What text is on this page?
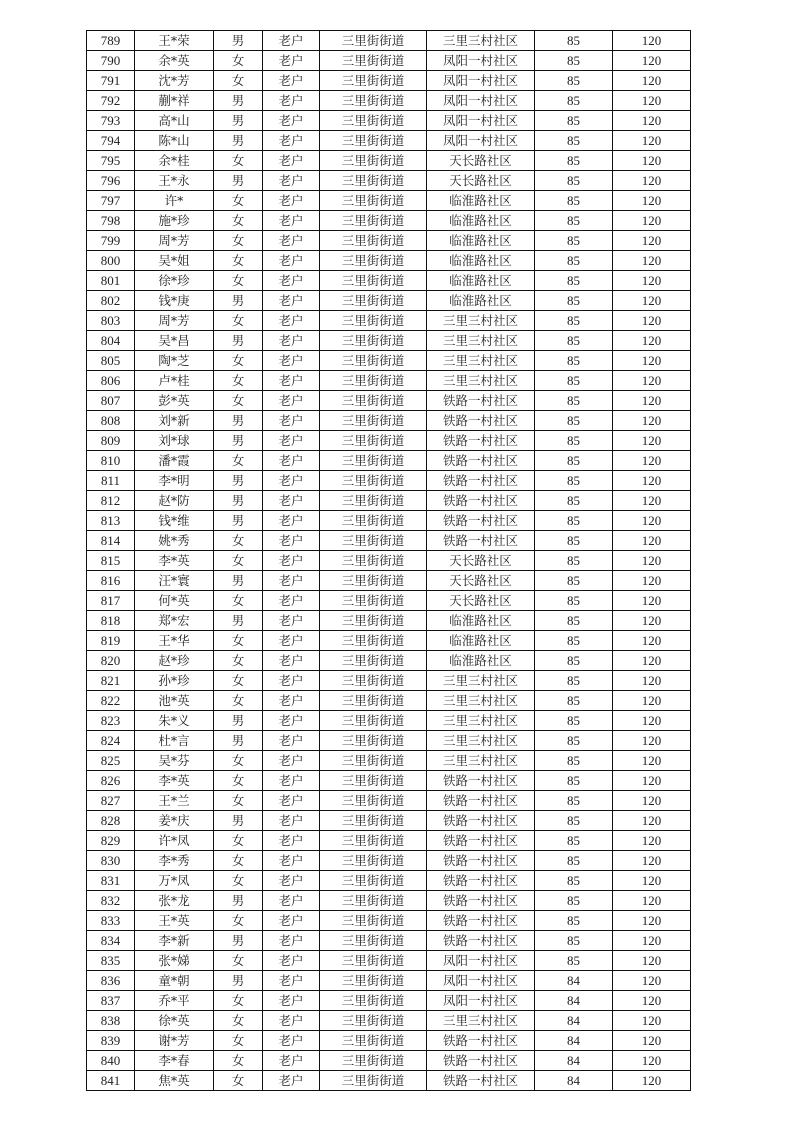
789	王*荣	男	老户	三里街街道	三里三村社区	85	120
790	余*英	女	老户	三里街街道	凤阳一村社区	85	120
791	沈*芳	女	老户	三里街街道	凤阳一村社区	85	120
792	蒯*祥	男	老户	三里街街道	凤阳一村社区	85	120
793	高*山	男	老户	三里街街道	凤阳一村社区	85	120
794	陈*山	男	老户	三里街街道	凤阳一村社区	85	120
795	余*桂	女	老户	三里街街道	天长路社区	85	120
796	王*永	男	老户	三里街街道	天长路社区	85	120
797	许*	女	老户	三里街街道	临淮路社区	85	120
798	施*珍	女	老户	三里街街道	临淮路社区	85	120
799	周*芳	女	老户	三里街街道	临淮路社区	85	120
800	吴*姐	女	老户	三里街街道	临淮路社区	85	120
801	徐*珍	女	老户	三里街街道	临淮路社区	85	120
802	钱*庚	男	老户	三里街街道	临淮路社区	85	120
803	周*芳	女	老户	三里街街道	三里三村社区	85	120
804	吴*昌	男	老户	三里街街道	三里三村社区	85	120
805	陶*芝	女	老户	三里街街道	三里三村社区	85	120
806	卢*桂	女	老户	三里街街道	三里三村社区	85	120
807	彭*英	女	老户	三里街街道	铁路一村社区	85	120
808	刘*新	男	老户	三里街街道	铁路一村社区	85	120
809	刘*球	男	老户	三里街街道	铁路一村社区	85	120
810	潘*霞	女	老户	三里街街道	铁路一村社区	85	120
811	李*明	男	老户	三里街街道	铁路一村社区	85	120
812	赵*防	男	老户	三里街街道	铁路一村社区	85	120
813	钱*维	男	老户	三里街街道	铁路一村社区	85	120
814	姚*秀	女	老户	三里街街道	铁路一村社区	85	120
815	李*英	女	老户	三里街街道	天长路社区	85	120
816	汪*寰	男	老户	三里街街道	天长路社区	85	120
817	何*英	女	老户	三里街街道	天长路社区	85	120
818	郑*宏	男	老户	三里街街道	临淮路社区	85	120
819	王*华	女	老户	三里街街道	临淮路社区	85	120
820	赵*珍	女	老户	三里街街道	临淮路社区	85	120
821	孙*珍	女	老户	三里街街道	三里三村社区	85	120
822	池*英	女	老户	三里街街道	三里三村社区	85	120
823	朱*义	男	老户	三里街街道	三里三村社区	85	120
824	杜*言	男	老户	三里街街道	三里三村社区	85	120
825	吴*芬	女	老户	三里街街道	三里三村社区	85	120
826	李*英	女	老户	三里街街道	铁路一村社区	85	120
827	王*兰	女	老户	三里街街道	铁路一村社区	85	120
828	姜*庆	男	老户	三里街街道	铁路一村社区	85	120
829	许*凤	女	老户	三里街街道	铁路一村社区	85	120
830	李*秀	女	老户	三里街街道	铁路一村社区	85	120
831	万*凤	女	老户	三里街街道	铁路一村社区	85	120
832	张*龙	男	老户	三里街街道	铁路一村社区	85	120
833	王*英	女	老户	三里街街道	铁路一村社区	85	120
834	李*新	男	老户	三里街街道	铁路一村社区	85	120
835	张*娣	女	老户	三里街街道	凤阳一村社区	85	120
836	童*朝	男	老户	三里街街道	凤阳一村社区	84	120
837	乔*平	女	老户	三里街街道	凤阳一村社区	84	120
838	徐*英	女	老户	三里街街道	三里三村社区	84	120
839	谢*芳	女	老户	三里街街道	铁路一村社区	84	120
840	李*春	女	老户	三里街街道	铁路一村社区	84	120
841	焦*英	女	老户	三里街街道	铁路一村社区	84	120
